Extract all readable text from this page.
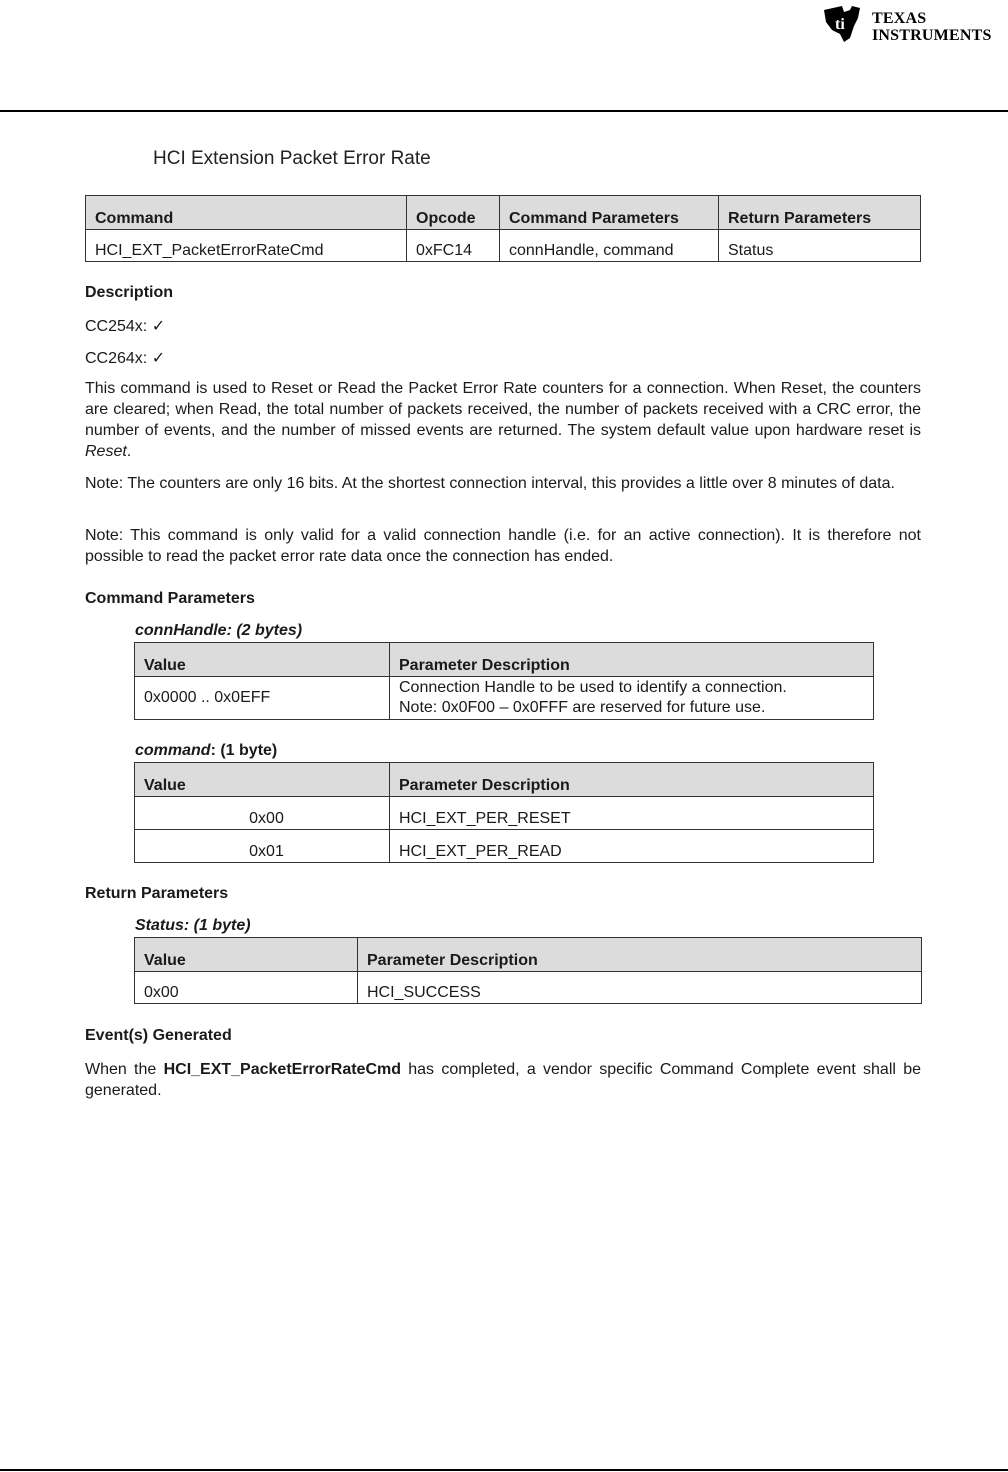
ti TEXAS
INSTRUMENTS
HCI Extension Packet Error Rate
Command	Opcode	Command Parameters	Return Parameters
HCI_EXT_PacketErrorRateCmd	0xFC14	connHandle, command	Status
Description
CC254x: ✓
CC264x: ✓
This command is used to Reset or Read the Packet Error Rate counters for a connection. When Reset, the counters are cleared; when Read, the total number of packets received, the number of packets received with a CRC error, the number of events, and the number of missed events are returned. The system default value upon hardware reset is Reset.
Note: The counters are only 16 bits. At the shortest connection interval, this provides a little over 8 minutes of data.
Note: This command is only valid for a valid connection handle (i.e. for an active connection). It is therefore not possible to read the packet error rate data once the connection has ended.
Command Parameters
connHandle: (2 bytes)
Value	Parameter Description
0x0000 .. 0x0EFF	Connection Handle to be used to identify a connection.
Note: 0x0F00 – 0x0FFF are reserved for future use.
command: (1 byte)
Value	Parameter Description
0x00	HCI_EXT_PER_RESET
0x01	HCI_EXT_PER_READ
Return Parameters
Status: (1 byte)
Value	Parameter Description
0x00	HCI_SUCCESS
Event(s) Generated
When the HCI_EXT_PacketErrorRateCmd has completed, a vendor specific Command Complete event shall be generated.
